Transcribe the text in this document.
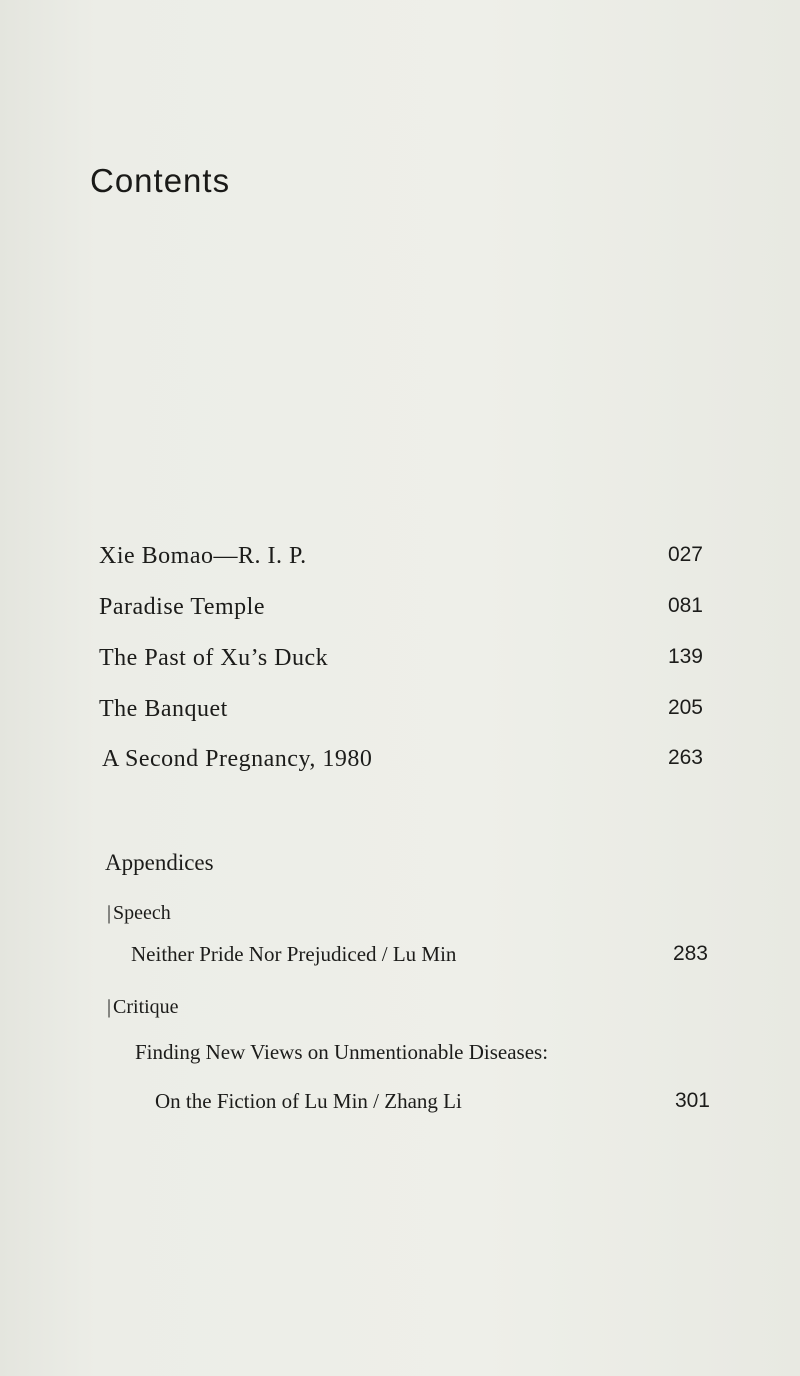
Contents
Xie Bomao—R. I. P.	027
Paradise Temple	081
The Past of Xu’s Duck	139
The Banquet	205
A Second Pregnancy, 1980	263
Appendices
| Speech
Neither Pride Nor Prejudiced / Lu Min	283
| Critique
Finding New Views on Unmentionable Diseases:
On the Fiction of Lu Min / Zhang Li	301
